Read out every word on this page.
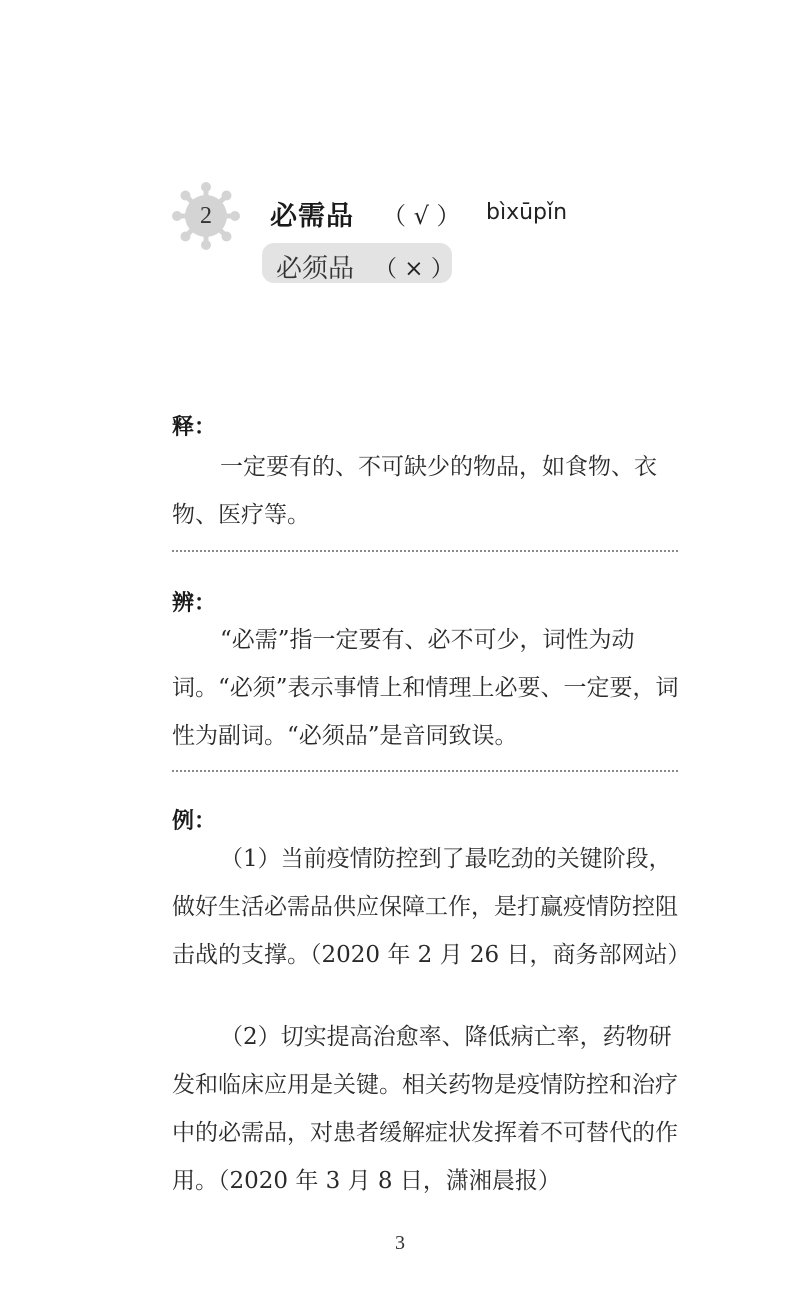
2	必需品 （ √ ） bìxūpǐn
必须品 （ × ）
释：
一定要有的、不可缺少的物品，如食物、衣物、医疗等。
辨：
“必需”指一定要有、必不可少，词性为动词。“必须”表示事情上和情理上必要、一定要，词性为副词。“必须品”是音同致误。
例：
（1）当前疫情防控到了最吃劲的关键阶段，做好生活必需品供应保障工作，是打赢疫情防控阻击战的支撑。（2020 年 2 月 26 日，商务部网站）
（2）切实提高治愈率、降低病亡率，药物研发和临床应用是关键。相关药物是疫情防控和治疗中的必需品，对患者缓解症状发挥着不可替代的作用。（2020 年 3 月 8 日，潇湘晨报）
3
